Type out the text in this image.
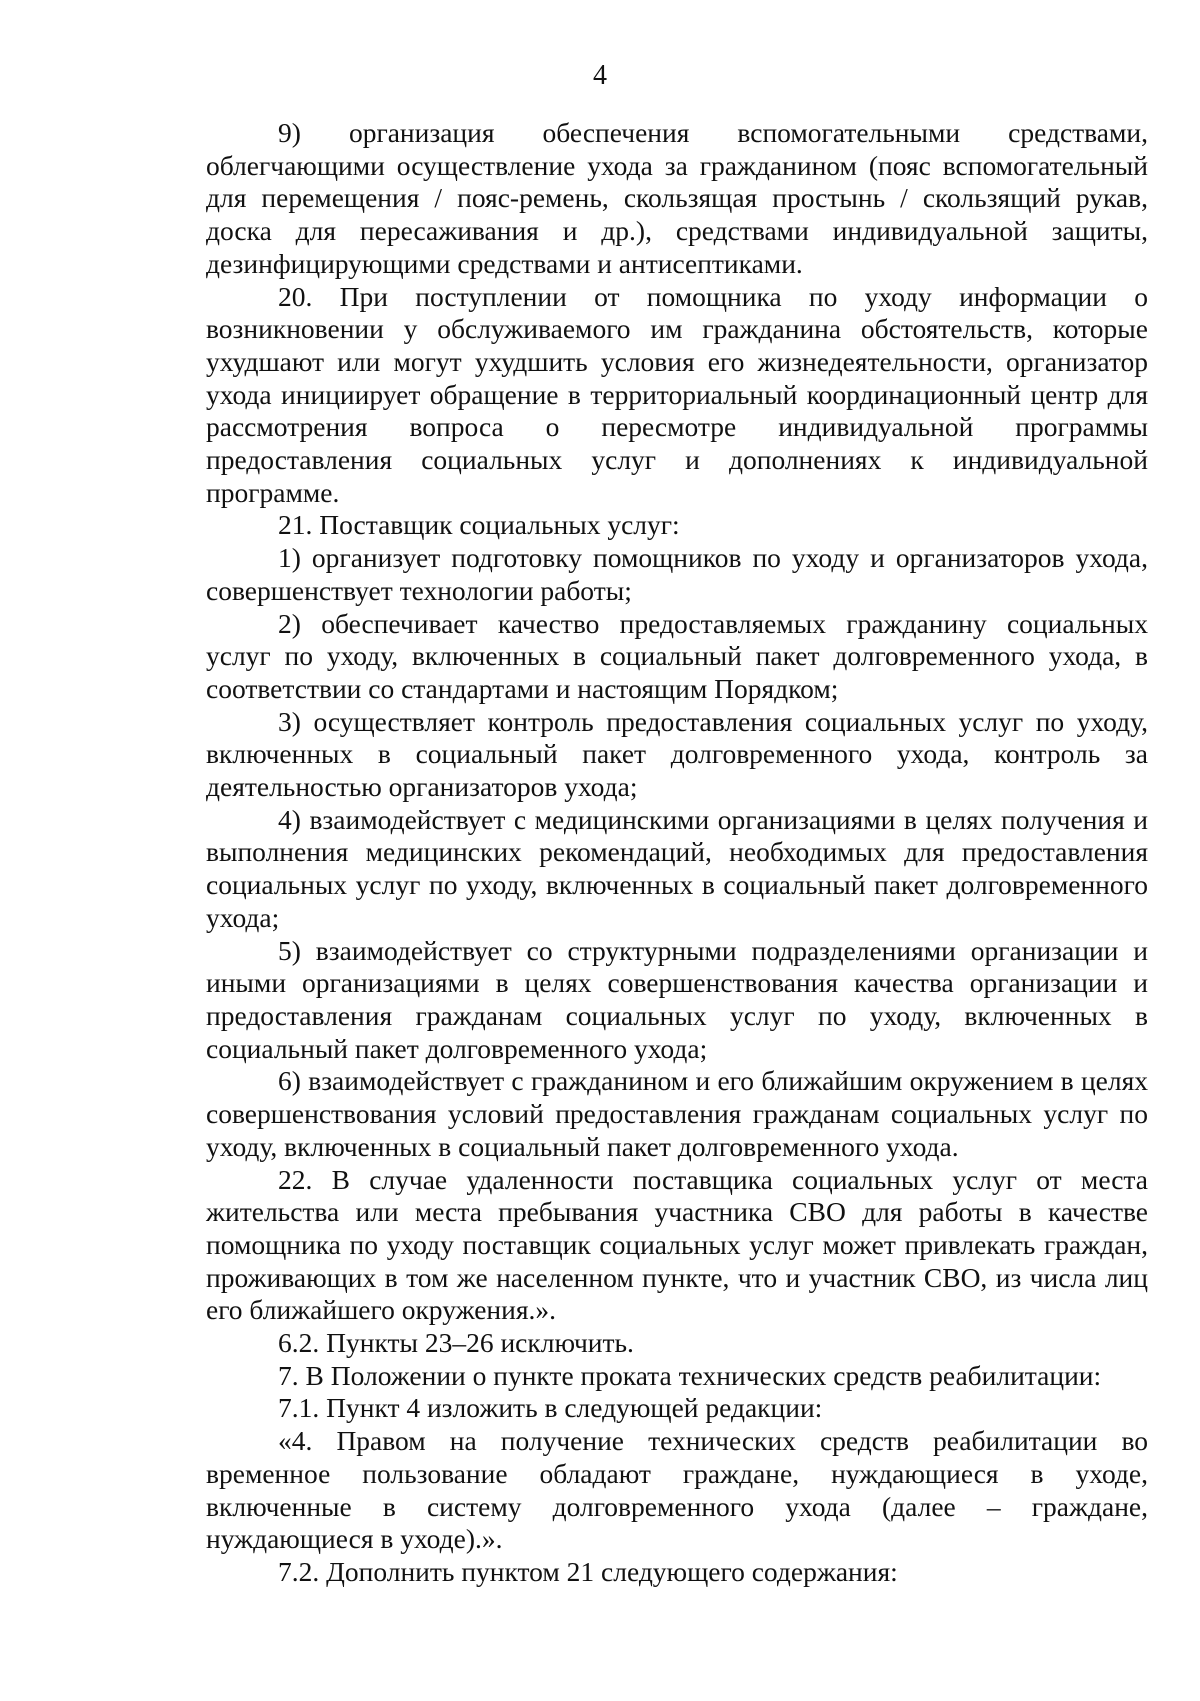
4

9) организация обеспечения вспомогательными средствами, облегчающими осуществление ухода за гражданином (пояс вспомогательный для перемещения / пояс-ремень, скользящая простынь / скользящий рукав, доска для пересаживания и др.), средствами индивидуальной защиты, дезинфицирующими средствами и антисептиками.

20. При поступлении от помощника по уходу информации о возникновении у обслуживаемого им гражданина обстоятельств, которые ухудшают или могут ухудшить условия его жизнедеятельности, организатор ухода инициирует обращение в территориальный координационный центр для рассмотрения вопроса о пересмотре индивидуальной программы предоставления социальных услуг и дополнениях к индивидуальной программе.

21. Поставщик социальных услуг:

1) организует подготовку помощников по уходу и организаторов ухода, совершенствует технологии работы;

2) обеспечивает качество предоставляемых гражданину социальных услуг по уходу, включенных в социальный пакет долговременного ухода, в соответствии со стандартами и настоящим Порядком;

3) осуществляет контроль предоставления социальных услуг по уходу, включенных в социальный пакет долговременного ухода, контроль за деятельностью организаторов ухода;

4) взаимодействует с медицинскими организациями в целях получения и выполнения медицинских рекомендаций, необходимых для предоставления социальных услуг по уходу, включенных в социальный пакет долговременного ухода;

5) взаимодействует со структурными подразделениями организации и иными организациями в целях совершенствования качества организации и предоставления гражданам социальных услуг по уходу, включенных в социальный пакет долговременного ухода;

6) взаимодействует с гражданином и его ближайшим окружением в целях совершенствования условий предоставления гражданам социальных услуг по уходу, включенных в социальный пакет долговременного ухода.

22. В случае удаленности поставщика социальных услуг от места жительства или места пребывания участника СВО для работы в качестве помощника по уходу поставщик социальных услуг может привлекать граждан, проживающих в том же населенном пункте, что и участник СВО, из числа лиц его ближайшего окружения.».

6.2. Пункты 23–26 исключить.

7. В Положении о пункте проката технических средств реабилитации:

7.1. Пункт 4 изложить в следующей редакции:

«4. Правом на получение технических средств реабилитации во временное пользование обладают граждане, нуждающиеся в уходе, включенные в систему долговременного ухода (далее – граждане, нуждающиеся в уходе).».

7.2. Дополнить пунктом 21 следующего содержания:
